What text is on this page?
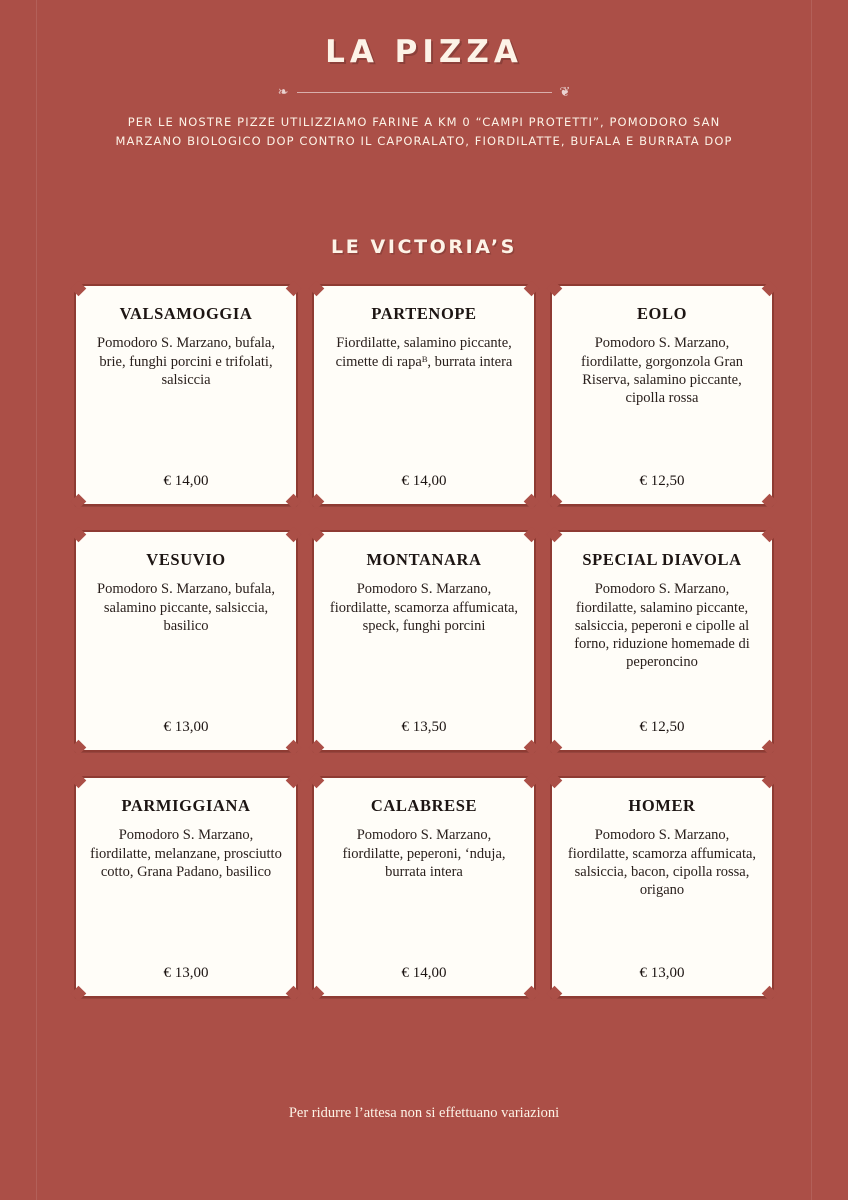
LA PIZZA
❧	❦

PER LE NOSTRE PIZZE UTILIZZIAMO FARINE A KM 0 “CAMPI PROTETTI”, POMODORO SAN MARZANO BIOLOGICO DOP CONTRO IL CAPORALATO, FIORDILATTE, BUFALA E BURRATA DOP

LE VICTORIA’S
VALSAMOGGIA
Pomodoro S. Marzano, bufala, brie, funghi porcini e trifolati, salsiccia
€ 14,00
PARTENOPE
Fiordilatte, salamino piccante, cimette di rapaᴮ, burrata intera
€ 14,00
EOLO
Pomodoro S. Marzano, fiordilatte, gorgonzola Gran Riserva, salamino piccante, cipolla rossa
€ 12,50
VESUVIO
Pomodoro S. Marzano, bufala, salamino piccante, salsiccia, basilico
€ 13,00
MONTANARA
Pomodoro S. Marzano, fiordilatte, scamorza affumicata, speck, funghi porcini
€ 13,50
SPECIAL DIAVOLA
Pomodoro S. Marzano, fiordilatte, salamino piccante, salsiccia, peperoni e cipolle al forno, riduzione homemade di peperoncino
€ 12,50
PARMIGGIANA
Pomodoro S. Marzano, fiordilatte, melanzane, prosciutto cotto, Grana Padano, basilico
€ 13,00
CALABRESE
Pomodoro S. Marzano, fiordilatte, peperoni, ‘nduja, burrata intera
€ 14,00
HOMER
Pomodoro S. Marzano, fiordilatte, scamorza affumicata, salsiccia, bacon, cipolla rossa, origano
€ 13,00
Per ridurre l’attesa non si effettuano variazioni
